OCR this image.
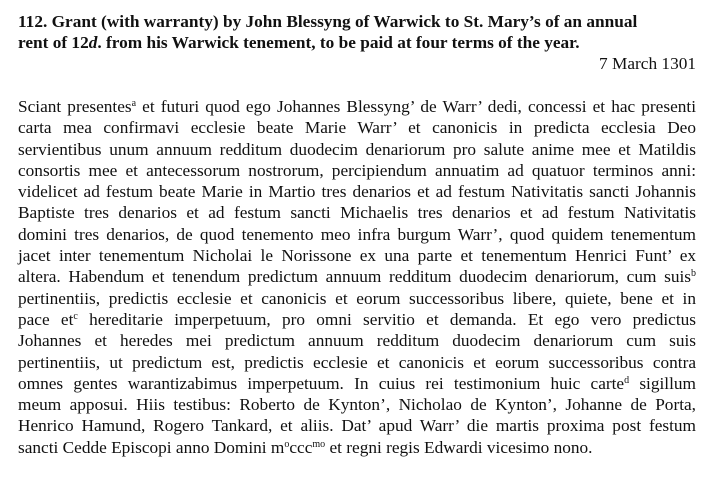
112. Grant (with warranty) by John Blessyng of Warwick to St. Mary’s of an annual
rent of 12d. from his Warwick tenement, to be paid at four terms of the year.

7 March 1301

Sciant presentes$^a$ et futuri quod ego Johannes Blessyng’ de Warr’ dedi, concessi et hac presenti
carta mea confirmavi ecclesie beate Marie Warr’ et canonicis in predicta ecclesia Deo
servientibus unum annuum redditum duodecim denariorum pro salute anime mee et Matildis
consortis mee et antecessorum nostrorum, percipiendum annuatim ad quatuor terminos anni:
videlicet ad festum beate Marie in Martio tres denarios et ad festum Nativitatis sancti Johannis
Baptiste tres denarios et ad festum sancti Michaelis tres denarios et ad festum Nativitatis
domini tres denarios, de quod tenemento meo infra burgum Warr’, quod quidem tenementum
jacet inter tenementum Nicholai le Norissone ex una parte et tenementum Henrici Funt’ ex
altera. Habendum et tenendum predictum annuum redditum duodecim denariorum, cum suis$^b$
pertinentiis, predictis ecclesie et canonicis et eorum successoribus libere, quiete, bene et in
pace $et^c$ hereditarie imperpetuum, pro omni servitio et demanda. Et ego vero predictus
Johannes et heredes mei predictum annuum redditum duodecim denariorum cum suis
pertinentiis, ut predictum est, predictis ecclesie et canonicis et eorum successoribus contra
omnes gentes warantizabimus imperpetuum. In cuius rei testimonium huic carte$^d$ sigillum
meum apposui. Hiis testibus: Roberto de Kynton’, Nicholao de Kynton’, Johanne de Porta,
Henrico Hamund, Rogero Tankard, et aliis. Dat’ apud Warr’ die martis proxima post festum
sancti Cedde Episcopi anno Domini $m^occc^{mo}$ et regni regis Edwardi vicesimo nono.
